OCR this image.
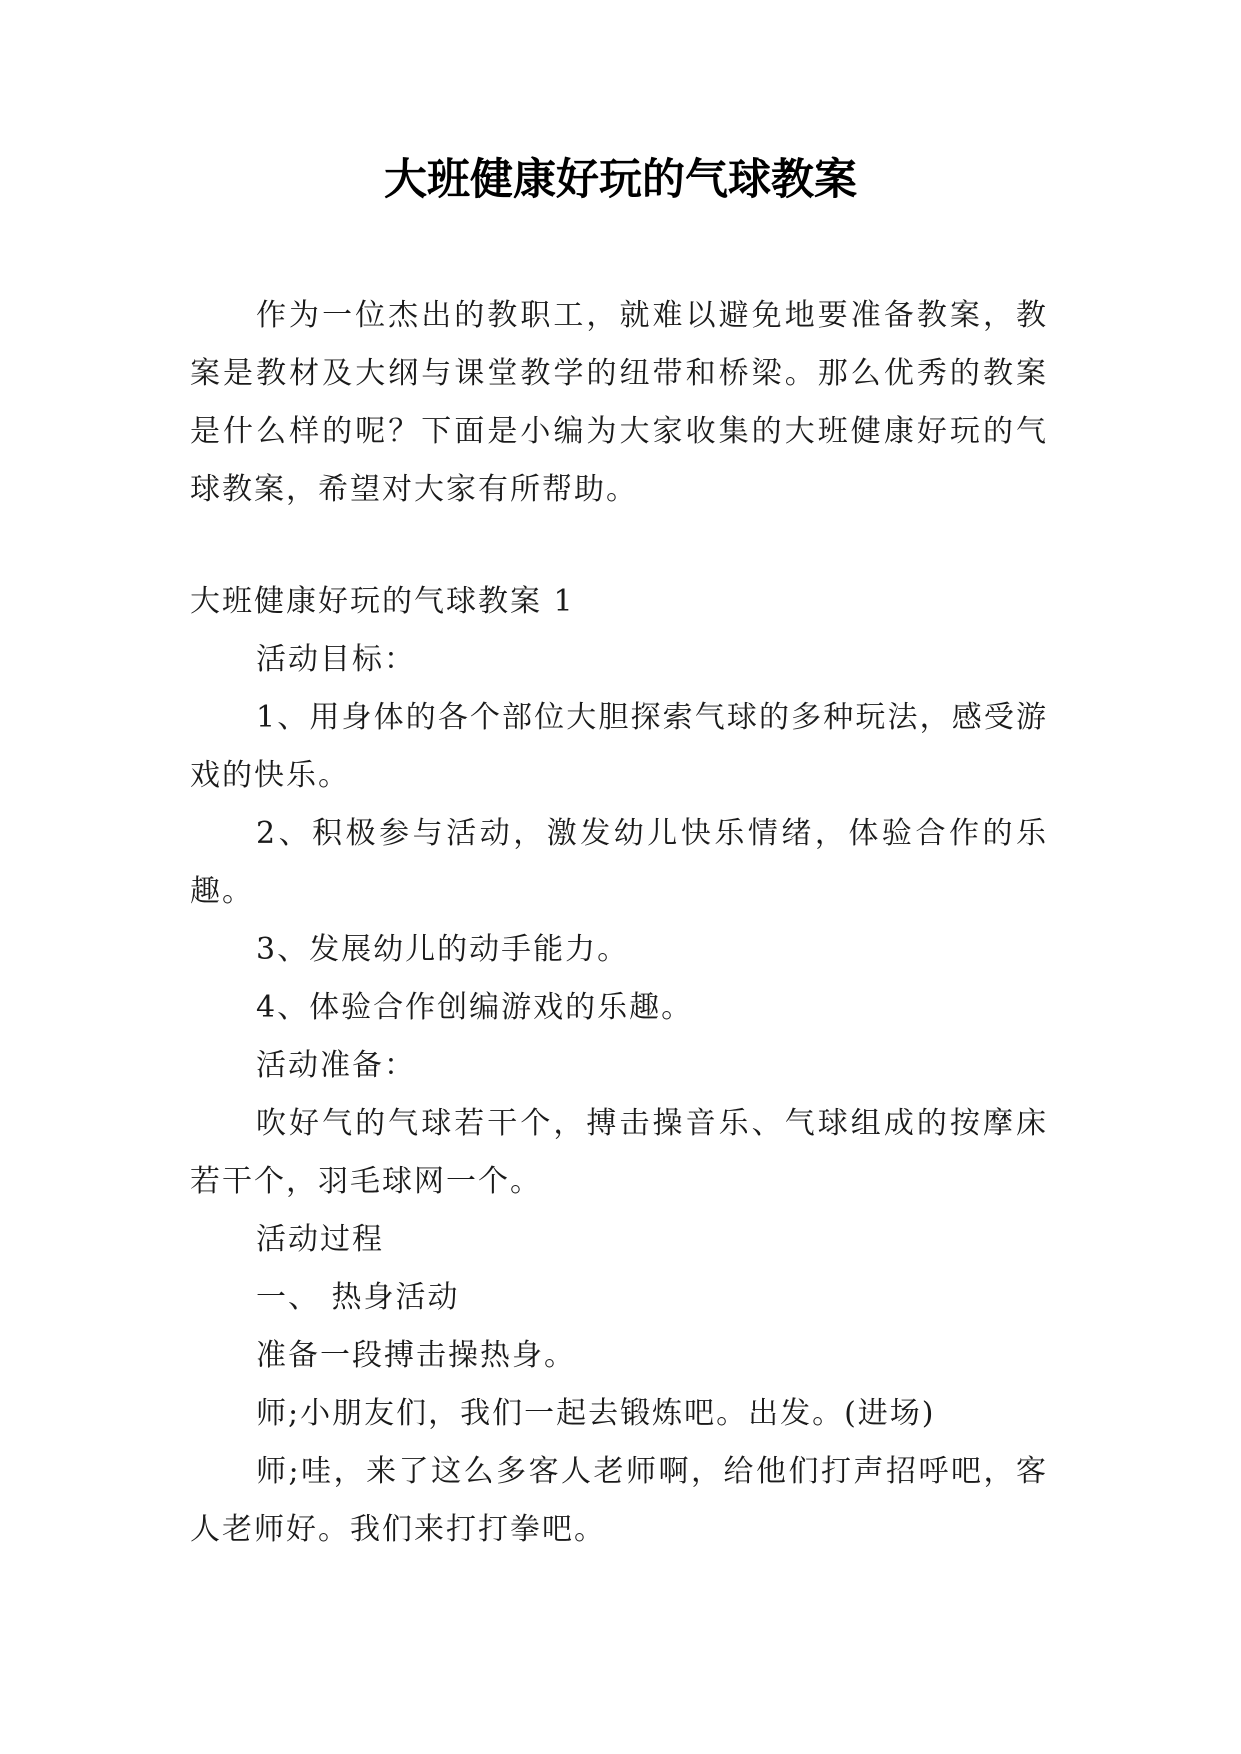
大班健康好玩的气球教案

作为一位杰出的教职工，就难以避免地要准备教案，教案是教材及大纲与课堂教学的纽带和桥梁。那么优秀的教案是什么样的呢？下面是小编为大家收集的大班健康好玩的气球教案，希望对大家有所帮助。

大班健康好玩的气球教案 1

活动目标：

1、用身体的各个部位大胆探索气球的多种玩法，感受游戏的快乐。

2、积极参与活动，激发幼儿快乐情绪，体验合作的乐趣。

3、发展幼儿的动手能力。

4、体验合作创编游戏的乐趣。

活动准备：

吹好气的气球若干个，搏击操音乐、气球组成的按摩床若干个，羽毛球网一个。

活动过程

一、 热身活动

准备一段搏击操热身。

师;小朋友们，我们一起去锻炼吧。出发。(进场)

师;哇，来了这么多客人老师啊，给他们打声招呼吧，客人老师好。我们来打打拳吧。
